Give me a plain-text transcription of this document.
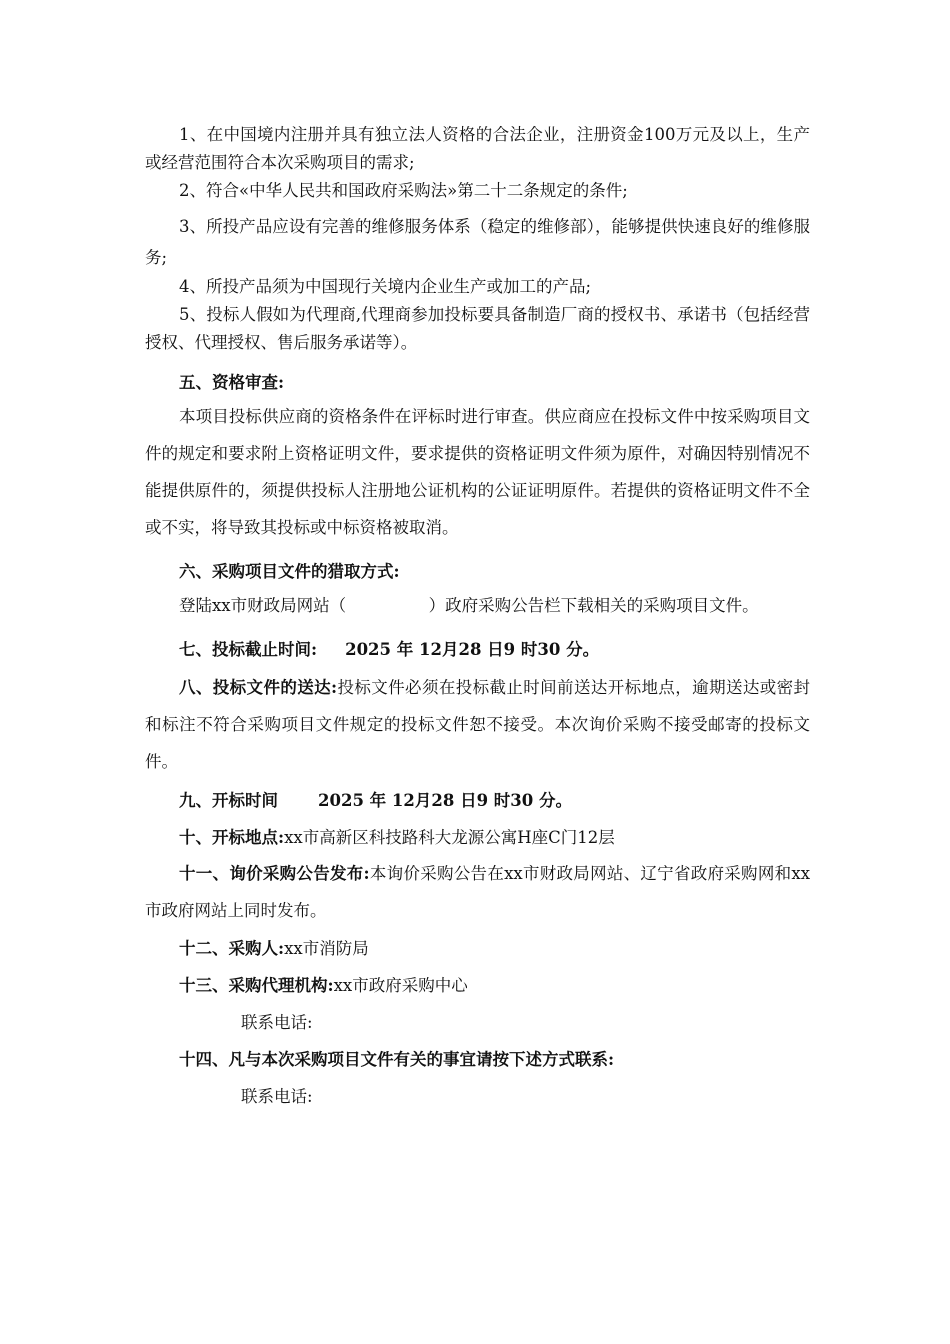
1、在中国境内注册并具有独立法人资格的合法企业，注册资金100万元及以上，生产或经营范围符合本次采购项目的需求;

2、符合«中华人民共和国政府采购法»第二十二条规定的条件;

3、所投产品应设有完善的维修服务体系（稳定的维修部），能够提供快速良好的维修服务;

4、所投产品须为中国现行关境内企业生产或加工的产品;

5、投标人假如为代理商,代理商参加投标要具备制造厂商的授权书、承诺书（包括经营授权、代理授权、售后服务承诺等）。

五、资格审查:

本项目投标供应商的资格条件在评标时进行审查。供应商应在投标文件中按采购项目文件的规定和要求附上资格证明文件，要求提供的资格证明文件须为原件，对确因特别情况不能提供原件的，须提供投标人注册地公证机构的公证证明原件。若提供的资格证明文件不全或不实，将导致其投标或中标资格被取消。

六、采购项目文件的猎取方式:

登陆xx市财政局网站（　　　　　）政府采购公告栏下载相关的采购项目文件。

七、投标截止时间: 2025 年 12月28 日9 时30 分。

八、投标文件的送达:投标文件必须在投标截止时间前送达开标地点，逾期送达或密封和标注不符合采购项目文件规定的投标文件恕不接受。本次询价采购不接受邮寄的投标文件。

九、开标时间 2025 年 12月28 日9 时30 分。

十、开标地点:xx市高新区科技路科大龙源公寓H座C门12层

十一、询价采购公告发布:本询价采购公告在xx市财政局网站、辽宁省政府采购网和xx市政府网站上同时发布。

十二、采购人:xx市消防局

十三、采购代理机构:xx市政府采购中心

联系电话:

十四、凡与本次采购项目文件有关的事宜请按下述方式联系:

联系电话:
